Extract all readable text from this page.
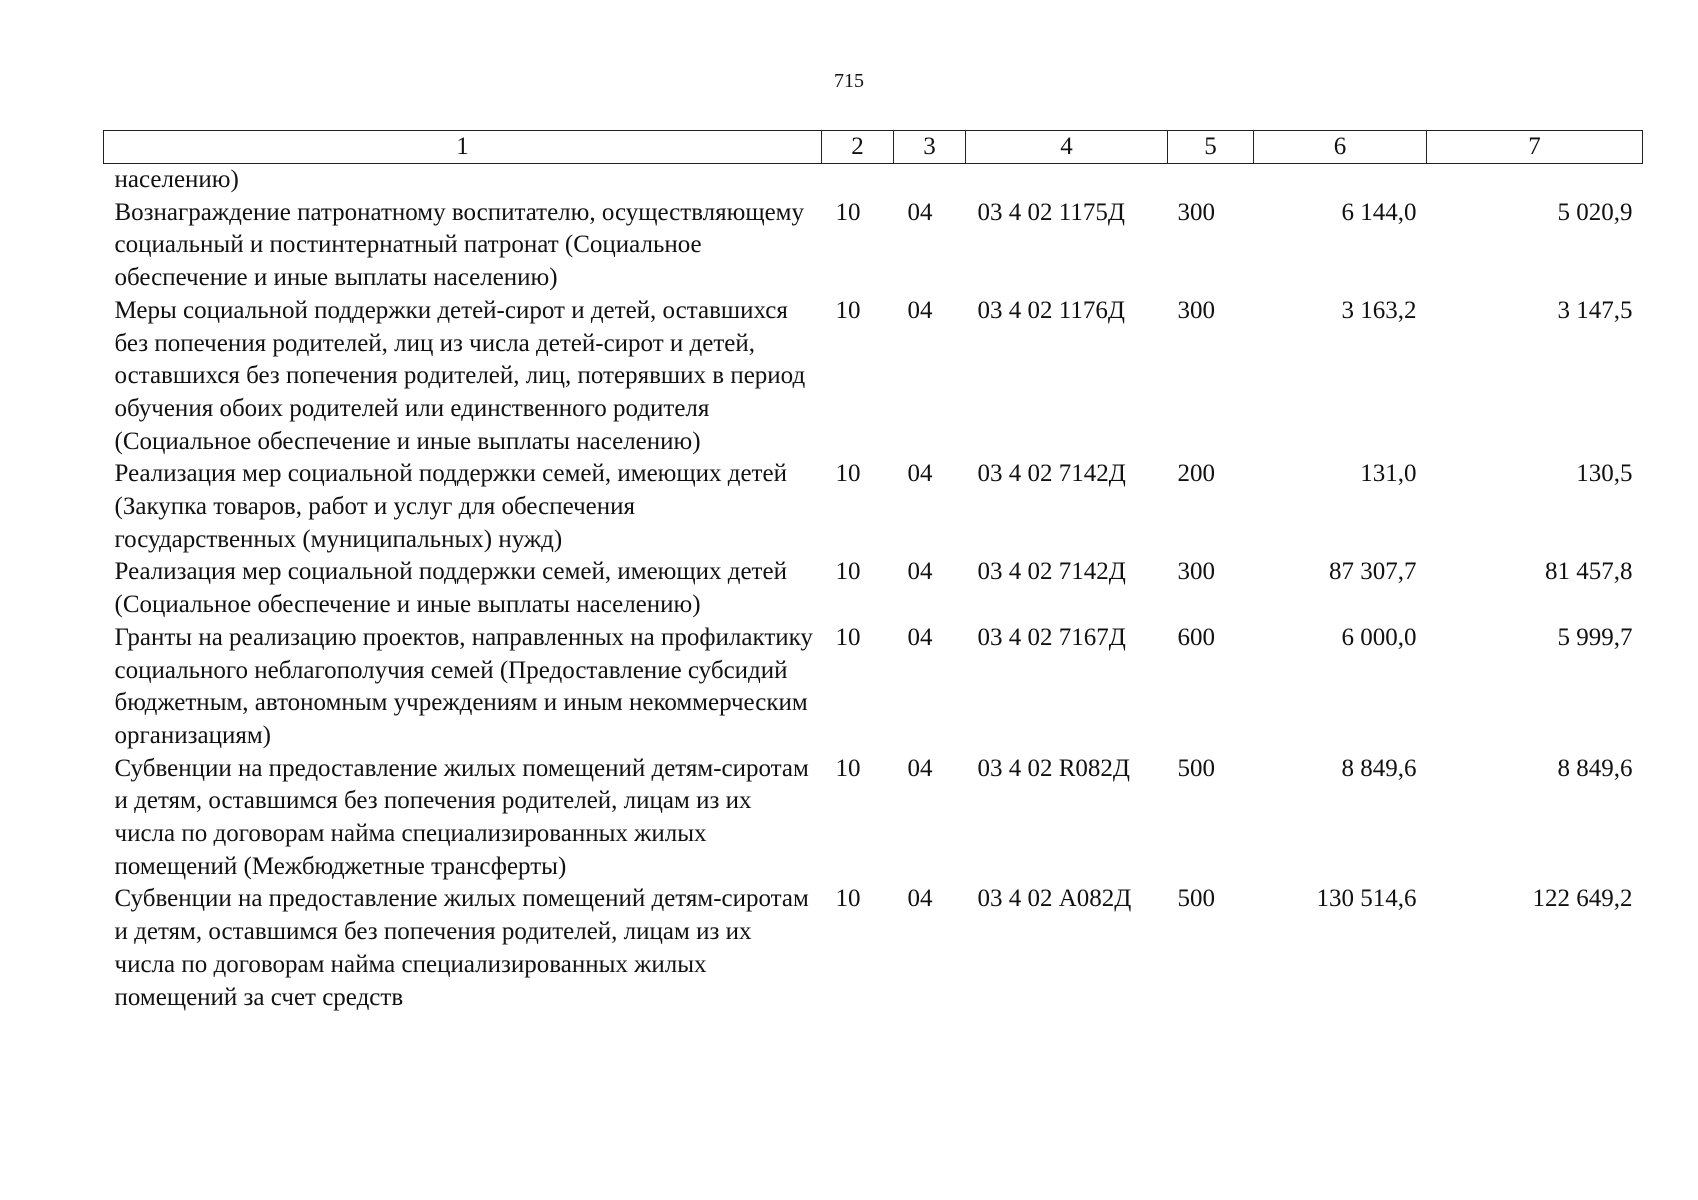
715
1	2	3	4	5	6	7
населению)						
Вознаграждение патронатному воспитателю, осуществляющему социальный и постинтернатный патронат (Социальное обеспечение и иные выплаты населению)	10	04	03 4 02 1175Д	300	6 144,0	5 020,9
Меры социальной поддержки детей-сирот и детей, оставшихся без попечения родителей, лиц из числа детей-сирот и детей, оставшихся без попечения родителей, лиц, потерявших в период обучения обоих родителей или единственного родителя (Социальное обеспечение и иные выплаты населению)	10	04	03 4 02 1176Д	300	3 163,2	3 147,5
Реализация мер социальной поддержки семей, имеющих детей (Закупка товаров, работ и услуг для обеспечения государственных (муниципальных) нужд)	10	04	03 4 02 7142Д	200	131,0	130,5
Реализация мер социальной поддержки семей, имеющих детей (Социальное обеспечение и иные выплаты населению)	10	04	03 4 02 7142Д	300	87 307,7	81 457,8
Гранты на реализацию проектов, направленных на профилактику социального неблагополучия семей (Предоставление субсидий бюджетным, автономным учреждениям и иным некоммерческим организациям)	10	04	03 4 02 7167Д	600	6 000,0	5 999,7
Субвенции на предоставление жилых помещений детям-сиротам и детям, оставшимся без попечения родителей, лицам из их числа по договорам найма специализированных жилых помещений (Межбюджетные трансферты)	10	04	03 4 02 R082Д	500	8 849,6	8 849,6
Субвенции на предоставление жилых помещений детям-сиротам и детям, оставшимся без попечения родителей, лицам из их числа по договорам найма специализированных жилых помещений за счет средств	10	04	03 4 02 А082Д	500	130 514,6	122 649,2
